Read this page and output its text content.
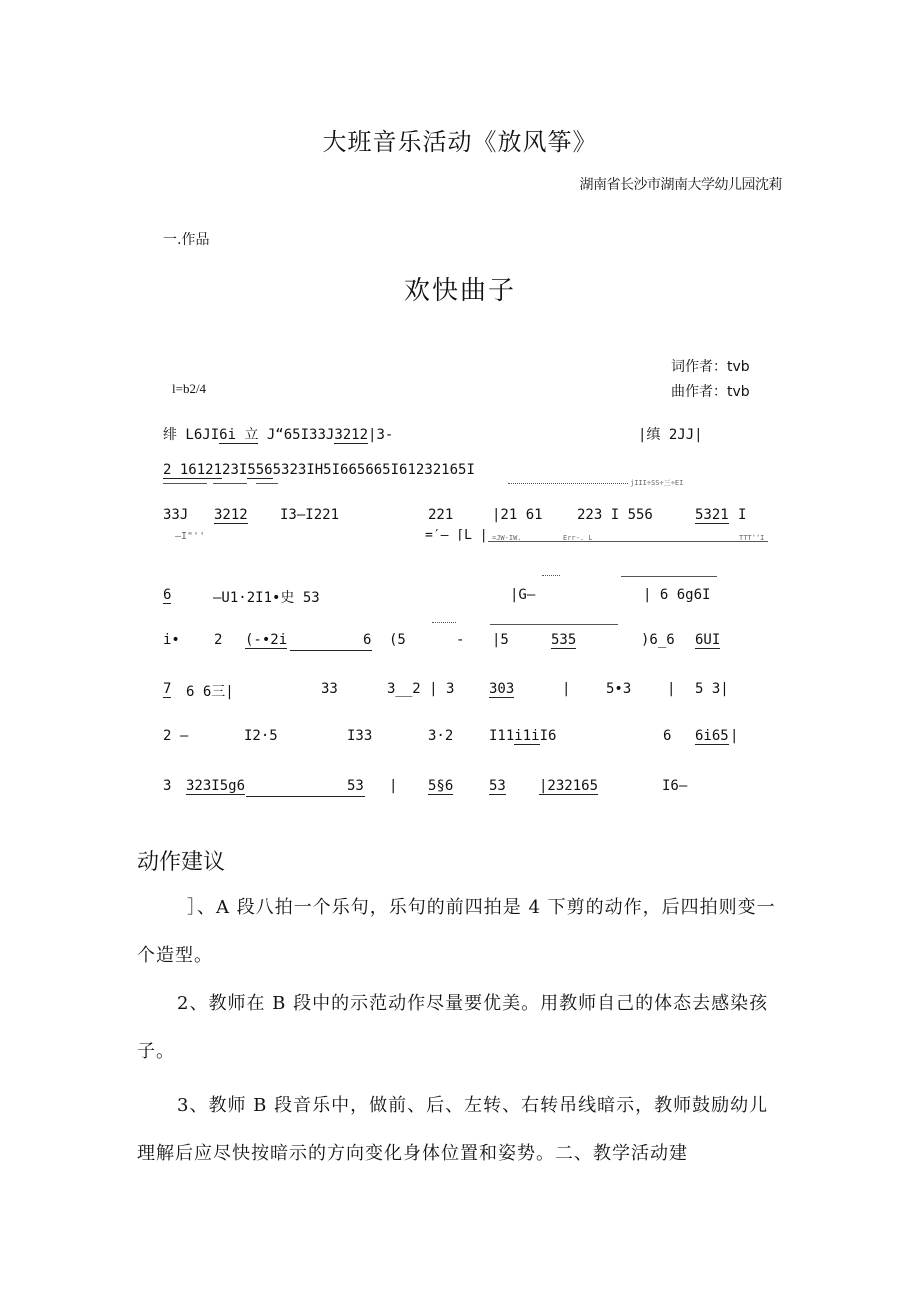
大班音乐活动《放风筝》
湖南省长沙市湖南大学幼儿园沈莉
一.作品
欢快曲子
词作者：tvb
曲作者：tvb
l=b2/4
绯 L6JI6i 立 J“65I33J3212|3-	|缜 2JJ|
2 1612123I5565323IH5I665665I61232165I
jIII÷SS÷三÷EI
33J 3212 I3—I221	221	|21 61 223 I 556	5321 I
—I"''	=′— ⌈L | =JW-IW.	Err-. L	TTT‘‘I
6	—U1·2I1•史 53	|G—	| 6 6g6I
i• 2 (-•2i	6 (5	- |5	535	)6_6 6UI
7 6 6三|	33	3__2 | 3 303	|	5•3	| 5 3|
2 —	I2·5	I33	3·2	I11i1iI6	6 6i65 |
3 323I5g6	53 | 5§6	53 |232165	I6—
动作建议
］、A 段八拍一个乐句，乐句的前四拍是 4 下剪的动作，后四拍则变一个造型。
2、教师在 B 段中的示范动作尽量要优美。用教师自己的体态去感染孩子。
3、教师 B 段音乐中，做前、后、左转、右转吊线暗示，教师鼓励幼儿理解后应尽快按暗示的方向变化身体位置和姿势。二、教学活动建
